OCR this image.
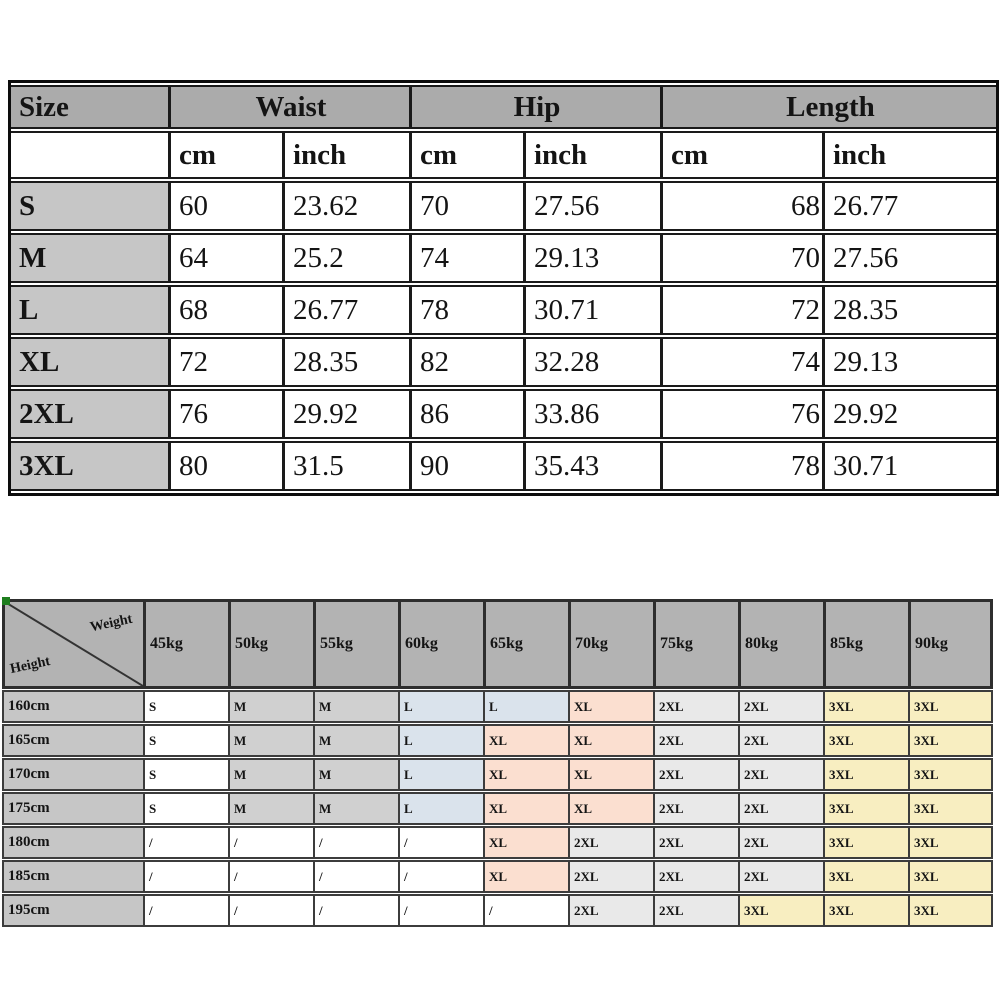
Size	Waist		Hip		Length	
	cm	inch	cm	inch	cm	inch
S	60	23.62	70	27.56	68	26.77
M	64	25.2	74	29.13	70	27.56
L	68	26.77	78	30.71	72	28.35
XL	72	28.35	82	32.28	74	29.13
2XL	76	29.92	86	33.86	76	29.92
3XL	80	31.5	90	35.43	78	30.71
Weight
Height	45kg	50kg	55kg	60kg	65kg	70kg	75kg	80kg	85kg	90kg
160cm	S	M	M	L	L	XL	2XL	2XL	3XL	3XL
165cm	S	M	M	L	XL	XL	2XL	2XL	3XL	3XL
170cm	S	M	M	L	XL	XL	2XL	2XL	3XL	3XL
175cm	S	M	M	L	XL	XL	2XL	2XL	3XL	3XL
180cm	/	/	/	/	XL	2XL	2XL	2XL	3XL	3XL
185cm	/	/	/	/	XL	2XL	2XL	2XL	3XL	3XL
195cm	/	/	/	/	/	2XL	2XL	3XL	3XL	3XL
